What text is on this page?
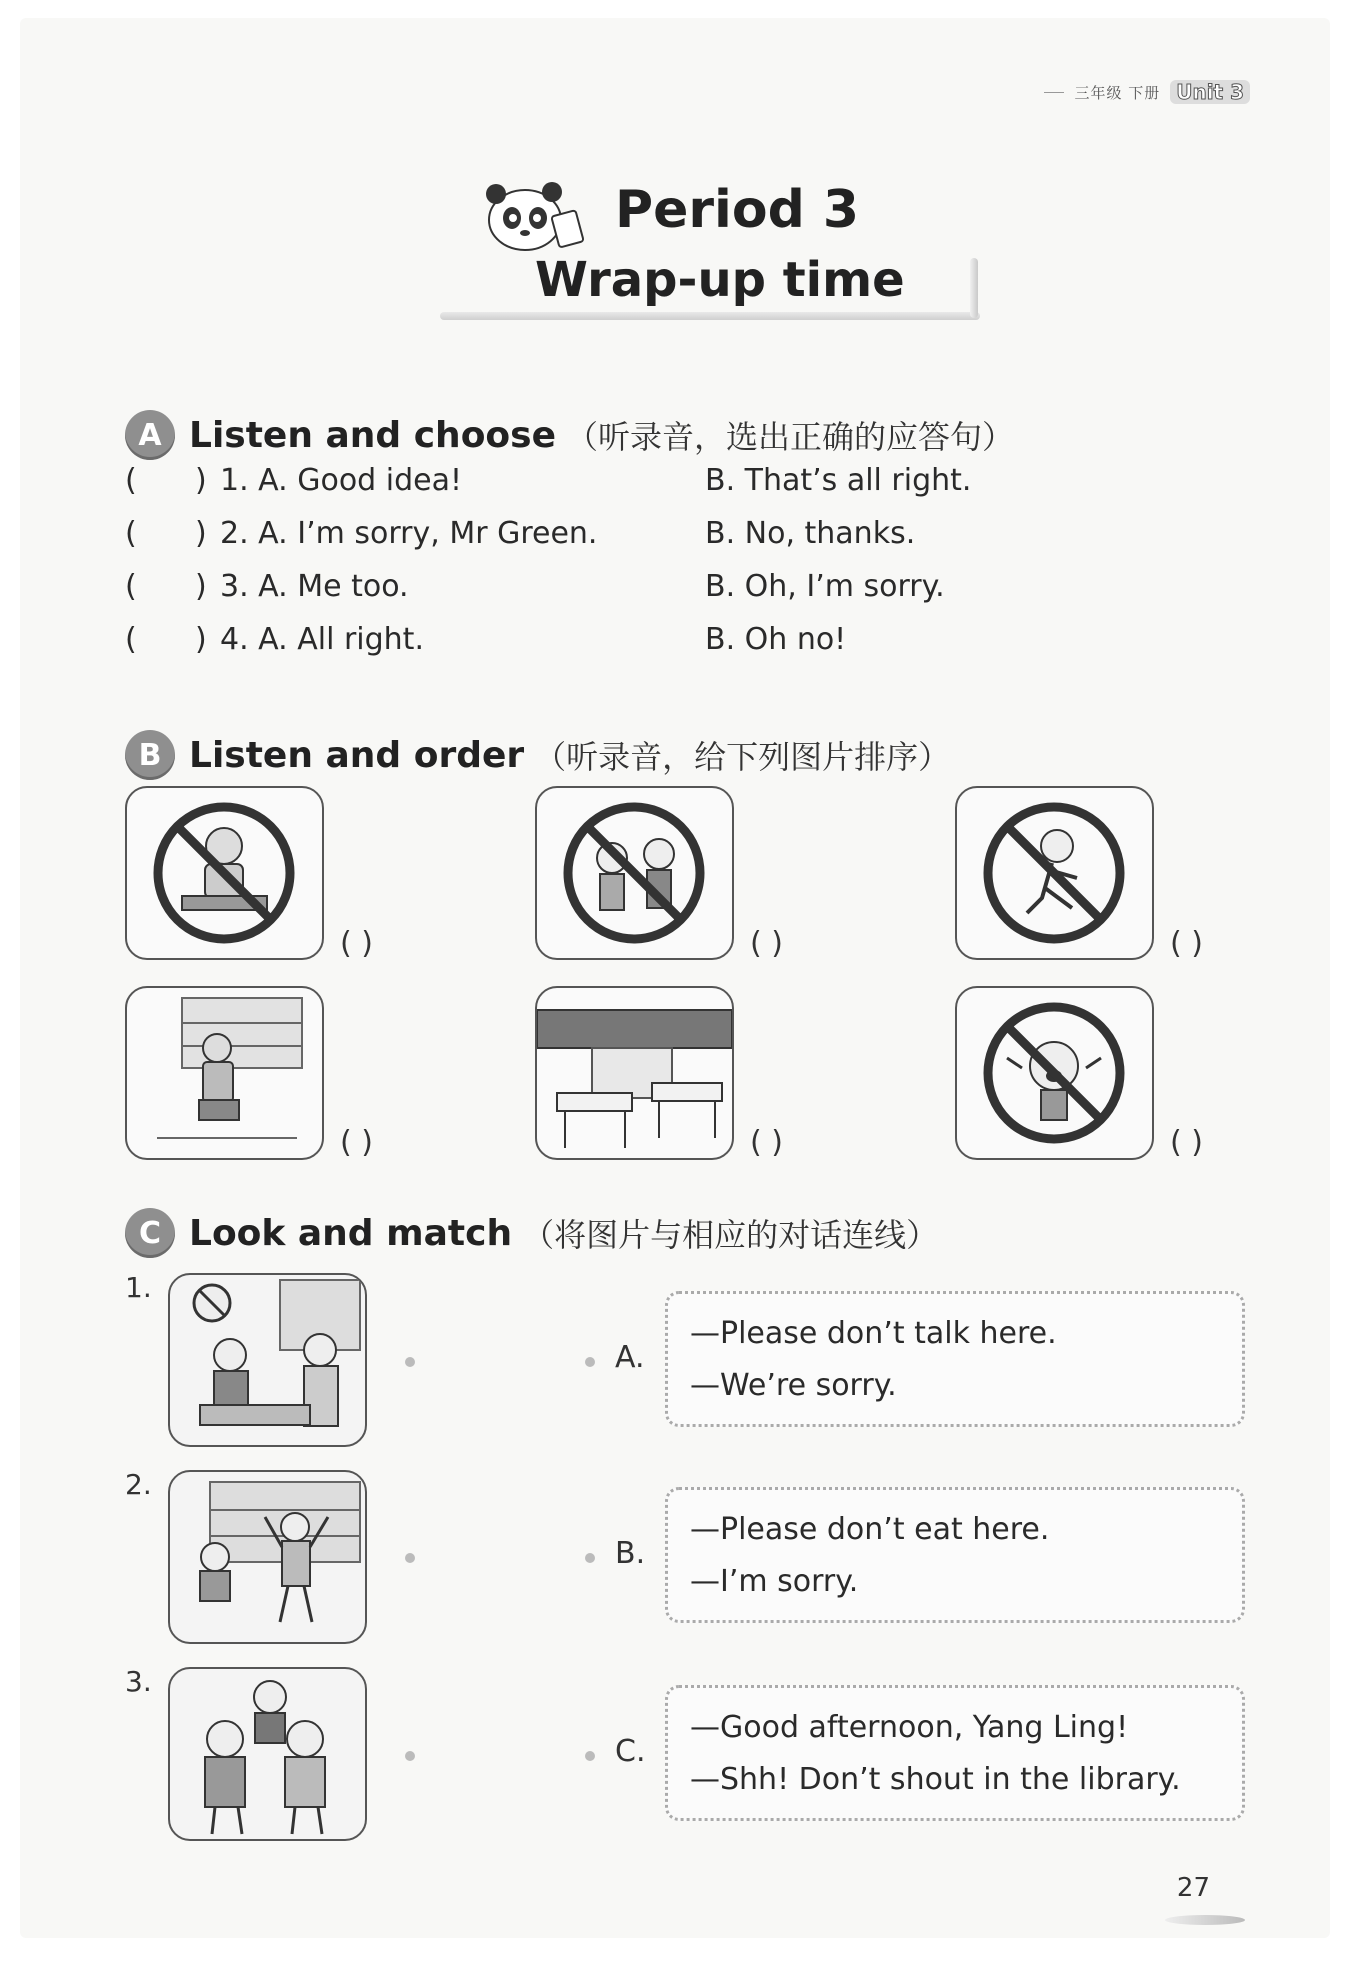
三年级 下册 Unit 3
Period 3
Wrap-up time
A Listen and choose （听录音，选出正确的应答句）
( ) 1. A. Good idea!	B. That’s all right.
( ) 2. A. I’m sorry, Mr Green.	B. No, thanks.
( ) 3. A. Me too.	B. Oh, I’m sorry.
( ) 4. A. All right.	B. Oh no!
B Listen and order （听录音，给下列图片排序）
( )	( )	( )
( )	( )	( )
C Look and match （将图片与相应的对话连线）
1.
2.
3.
A.
—Please don’t talk here.
—We’re sorry.
B.
—Please don’t eat here.
—I’m sorry.
C.
—Good afternoon, Yang Ling!
—Shh! Don’t shout in the library.
27
